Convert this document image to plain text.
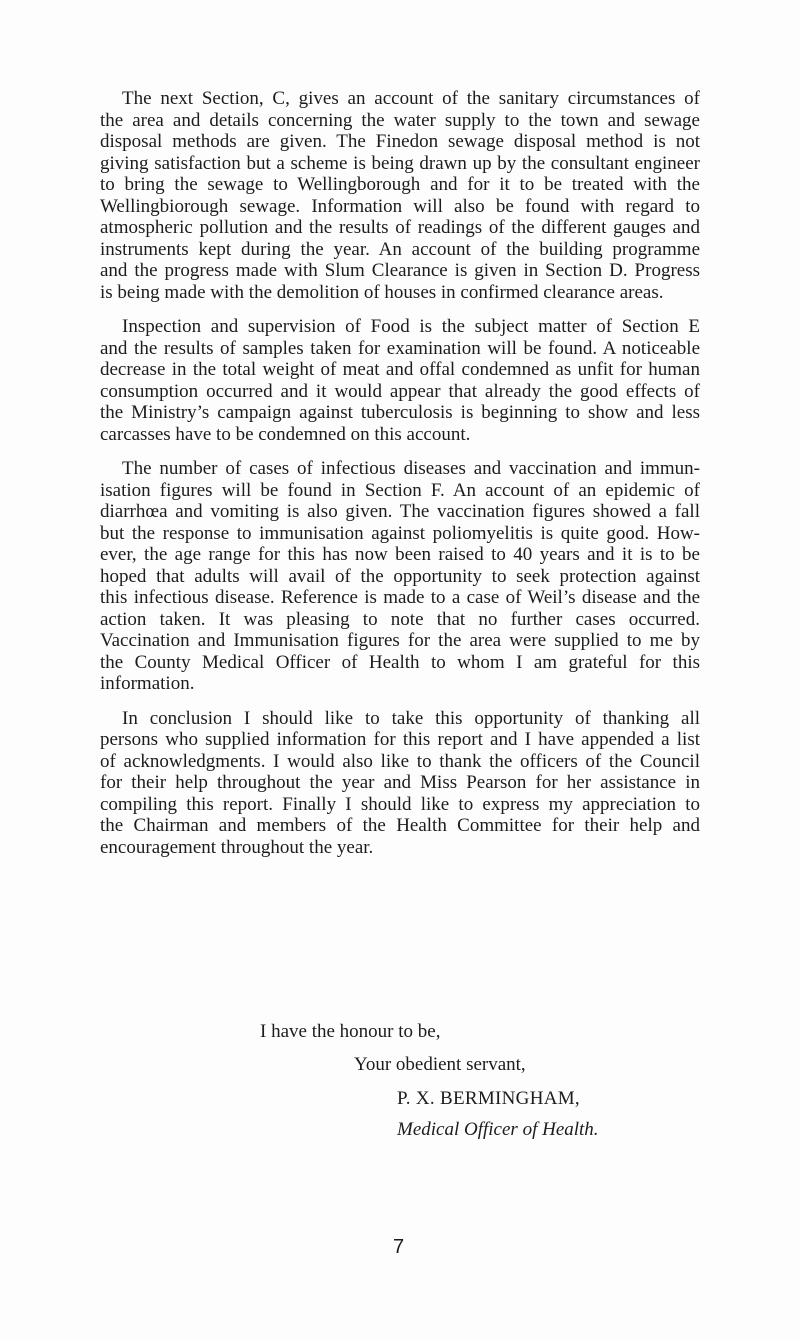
The next Section, C, gives an account of the sanitary circumstances of
the area and details concerning the water supply to the town and sewage
disposal methods are given. The Finedon sewage disposal method is not
giving satisfaction but a scheme is being drawn up by the consultant engineer
to bring the sewage to Wellingborough and for it to be treated with the
Wellingbiorough sewage. Information will also be found with regard to
atmospheric pollution and the results of readings of the different gauges and
instruments kept during the year. An account of the building programme
and the progress made with Slum Clearance is given in Section D. Progress
is being made with the demolition of houses in confirmed clearance areas.
Inspection and supervision of Food is the subject matter of Section E
and the results of samples taken for examination will be found. A noticeable
decrease in the total weight of meat and offal condemned as unfit for human
consumption occurred and it would appear that already the good effects of
the Ministry’s campaign against tuberculosis is beginning to show and less
carcasses have to be condemned on this account.
The number of cases of infectious diseases and vaccination and immun-
isation figures will be found in Section F. An account of an epidemic of
diarrhœa and vomiting is also given. The vaccination figures showed a fall
but the response to immunisation against poliomyelitis is quite good. How-
ever, the age range for this has now been raised to 40 years and it is to be
hoped that adults will avail of the opportunity to seek protection against
this infectious disease. Reference is made to a case of Weil’s disease and the
action taken. It was pleasing to note that no further cases occurred.
Vaccination and Immunisation figures for the area were supplied to me by
the County Medical Officer of Health to whom I am grateful for this
information.
In conclusion I should like to take this opportunity of thanking all
persons who supplied information for this report and I have appended a list
of acknowledgments. I would also like to thank the officers of the Council
for their help throughout the year and Miss Pearson for her assistance in
compiling this report. Finally I should like to express my appreciation to
the Chairman and members of the Health Committee for their help and
encouragement throughout the year.
I have the honour to be,
Your obedient servant,
P. X. BERMINGHAM,
Medical Officer of Health.
7
